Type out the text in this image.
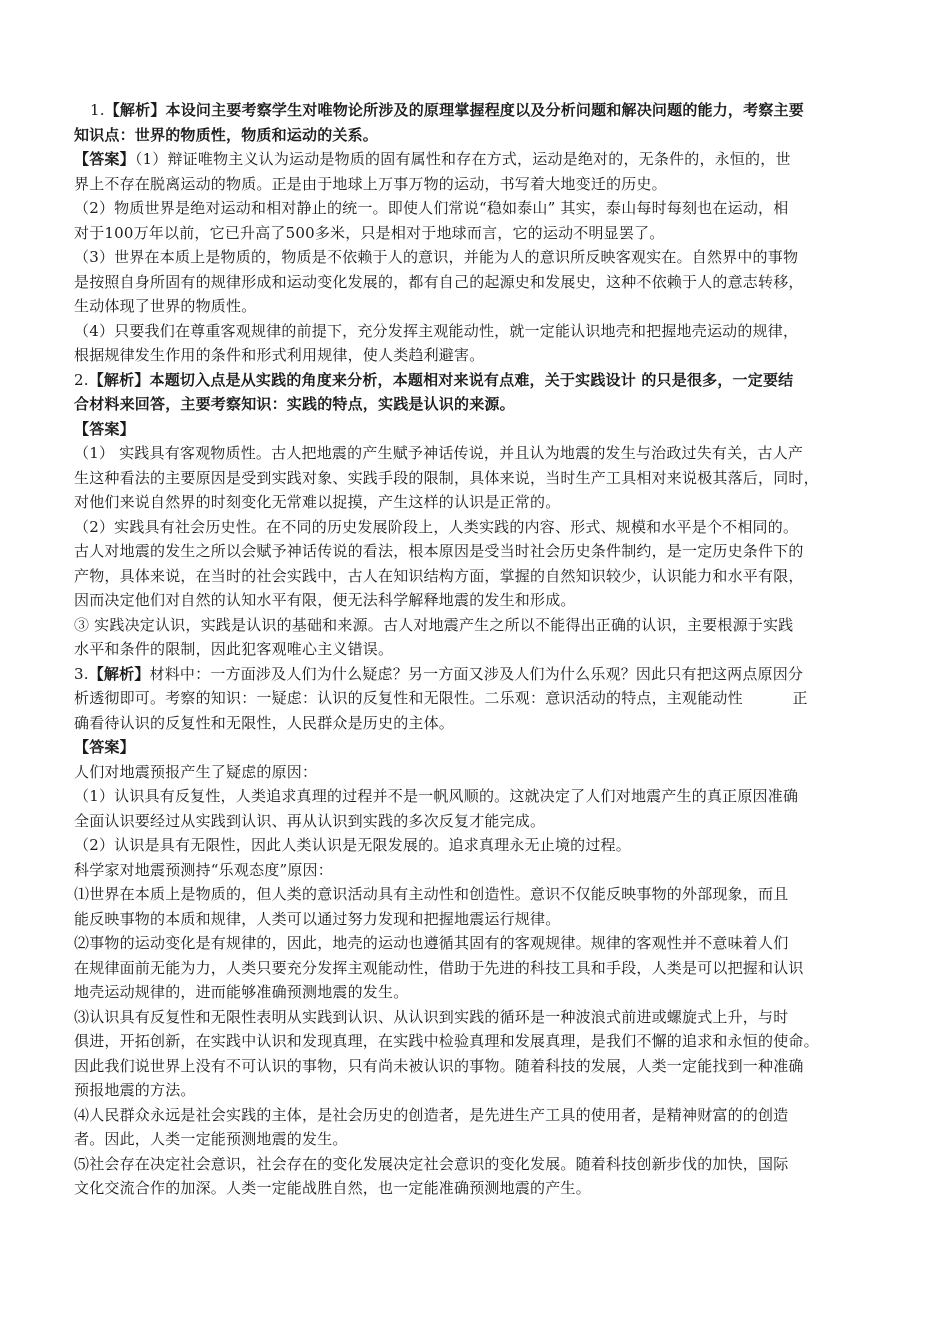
1.【解析】本设问主要考察学生对唯物论所涉及的原理掌握程度以及分析问题和解决问题的能力，考察主要
知识点：世界的物质性，物质和运动的关系。
【答案】（1）辩证唯物主义认为运动是物质的固有属性和存在方式，运动是绝对的，无条件的，永恒的，世
界上不存在脱离运动的物质。正是由于地球上万事万物的运动，书写着大地变迁的历史。
（2）物质世界是绝对运动和相对静止的统一。即使人们常说“稳如泰山” 其实，泰山每时每刻也在运动，相
对于100万年以前，它已升高了500多米，只是相对于地球而言，它的运动不明显罢了。
（3）世界在本质上是物质的，物质是不依赖于人的意识，并能为人的意识所反映客观实在。自然界中的事物
是按照自身所固有的规律形成和运动变化发展的，都有自己的起源史和发展史，这种不依赖于人的意志转移，
生动体现了世界的物质性。
（4）只要我们在尊重客观规律的前提下，充分发挥主观能动性，就一定能认识地壳和把握地壳运动的规律，
根据规律发生作用的条件和形式利用规律，使人类趋利避害。
2.【解析】本题切入点是从实践的角度来分析，本题相对来说有点难，关于实践设计 的只是很多，一定要结
合材料来回答，主要考察知识：实践的特点，实践是认识的来源。
【答案】
（1） 实践具有客观物质性。古人把地震的产生赋予神话传说，并且认为地震的发生与治政过失有关，古人产
生这种看法的主要原因是受到实践对象、实践手段的限制，具体来说，当时生产工具相对来说极其落后，同时，
对他们来说自然界的时刻变化无常难以捉摸，产生这样的认识是正常的。
（2）实践具有社会历史性。在不同的历史发展阶段上，人类实践的内容、形式、规模和水平是个不相同的。
古人对地震的发生之所以会赋予神话传说的看法，根本原因是受当时社会历史条件制约，是一定历史条件下的
产物，具体来说，在当时的社会实践中，古人在知识结构方面，掌握的自然知识较少，认识能力和水平有限，
因而决定他们对自然的认知水平有限，便无法科学解释地震的发生和形成。
③ 实践决定认识，实践是认识的基础和来源。古人对地震产生之所以不能得出正确的认识，主要根源于实践
水平和条件的限制，因此犯客观唯心主义错误。
3.【解析】材料中：一方面涉及人们为什么疑虑？另一方面又涉及人们为什么乐观？因此只有把这两点原因分
析透彻即可。考察的知识：一疑虑：认识的反复性和无限性。二乐观：意识活动的特点，主观能动性          正
确看待认识的反复性和无限性，人民群众是历史的主体。
【答案】
人们对地震预报产生了疑虑的原因：
（1）认识具有反复性，人类追求真理的过程并不是一帆风顺的。这就决定了人们对地震产生的真正原因准确
全面认识要经过从实践到认识、再从认识到实践的多次反复才能完成。
（2）认识是具有无限性，因此人类认识是无限发展的。追求真理永无止境的过程。
科学家对地震预测持“乐观态度”原因：
⑴世界在本质上是物质的，但人类的意识活动具有主动性和创造性。意识不仅能反映事物的外部现象，而且
能反映事物的本质和规律，人类可以通过努力发现和把握地震运行规律。
⑵事物的运动变化是有规律的，因此，地壳的运动也遵循其固有的客观规律。规律的客观性并不意味着人们
在规律面前无能为力，人类只要充分发挥主观能动性，借助于先进的科技工具和手段，人类是可以把握和认识
地壳运动规律的，进而能够准确预测地震的发生。
⑶认识具有反复性和无限性表明从实践到认识、从认识到实践的循环是一种波浪式前进或螺旋式上升，与时
俱进，开拓创新，在实践中认识和发现真理，在实践中检验真理和发展真理，是我们不懈的追求和永恒的使命。
因此我们说世界上没有不可认识的事物，只有尚未被认识的事物。随着科技的发展，人类一定能找到一种准确
预报地震的方法。
⑷人民群众永远是社会实践的主体，是社会历史的创造者，是先进生产工具的使用者，是精神财富的的创造
者。因此，人类一定能预测地震的发生。
⑸社会存在决定社会意识，社会存在的变化发展决定社会意识的变化发展。随着科技创新步伐的加快，国际
文化交流合作的加深。人类一定能战胜自然，也一定能准确预测地震的产生。
